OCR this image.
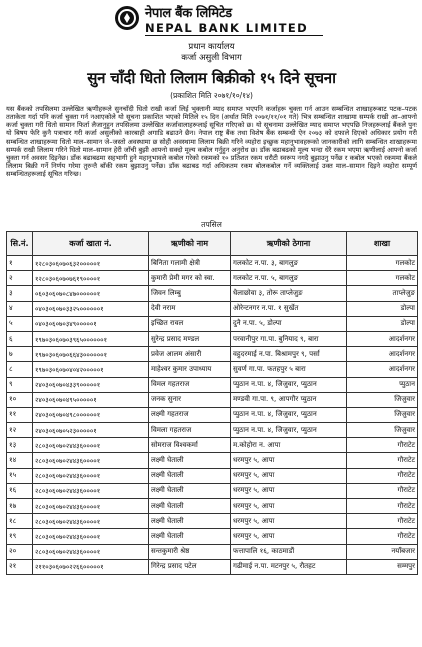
नेपाल बैंक लिमिटेड
NEPAL BANK LIMITED
प्रधान कार्यालय
कर्जा असुली विभाग
सुन चाँदी धितो लिलाम बिक्रीको १५ दिने सूचना
(प्रकाशित मिति २०७१/१०/१४)
यस बैंकको तपसिलमा उल्लेखित ऋणीहरूले सुनचाँदी धितो राखी कर्जा लिई भुक्तानी म्याद समाप्त भएपनि कर्जाहरू चुक्ता गर्न आउन सम्बन्धित शाखाहरूबाट पटक–पटक तताकेता गर्दा पनि कर्जा चुक्ता गर्न नआएकोले यो सूचना प्रकाशित भएको मितिले १५ दिन (अर्थात मिति २०७१/११/०१ गते) भित्र सम्बन्धित शाखामा सम्पर्क राखी आ–आफ्नो कर्जा चुक्ता गरी धितो सामान फिर्ता लैजानुहुन तपसिलमा उल्लेखित कर्जावालाहरूलाई सूचित गरिएको छ। यो सूचनामा उल्लेखित म्याद समाप्त भएपछि निजहरूलाई बैंकले पुनः यो बिषय फेरि कुनै पत्राचार गरी कर्जा असुलीको कारबाही अगाडि बढाउने छैन। नेपाल राष्ट्र बैंक तथा विशेष बैंक सम्बन्धी ऐन २०७३ को दफाले दिएको अधिकार प्रयोग गरी सम्बन्धित शाखाहरूमा धितो माल–सामान जे–जस्तो अवस्थामा छ सोही अवस्थामा लिलाम बिक्री गरिने व्यहोरा इच्छुक महानुभावहरूको जानकारीको लागि सम्बन्धित शाखाहरूमा सम्पर्क राखी लिलाम गरिने धितो माल–सामान हेरी जाँची बुझी आफ्नो सक्दो मूल्य कबोल गर्नुहुन अनुरोध छ। डाँक बढाबढको मूल्य भन्दा धेरै रकम भएमा ऋणीलाई आफ्नो कर्जा चुक्ता गर्न अवसर दिइनेछ। डाँक बढाबढमा सहभागी हुने महानुभावले कबोल गरेको रकमको १० प्रतिशत रकम धरौटी स्वरूप नगदै बुझाउनु पर्नेछ र कबोल भएको रकममा बैंकले लिलाम बिक्री गर्ने निर्णय गरेमा तुरुन्तै बाँकी रकम बुझाउनु पर्नेछ। डाँक बढाबढ गर्दा अधिकतम रकम बोलकबोल गर्ने व्यक्तिलाई उक्त माल–सामान दिइने व्यहोरा सम्पूर्ण सम्बन्धितहरूलाई सूचित गरिन्छ।
तपसिल
सि.नं.	कर्जा खाता नं.	ऋणीको नाम	ऋणीको ठेगाना	शाखा
१	१२८०३०६०७०६३२०००००१	बिनिता गलामी क्षेत्री	गलकोट न.पा. ३, बागलुङ	गलकोट
२	१२८०३०६०७०७६१९००००१	कुमारी प्रेमी मगर को स्वा.	गलकोट न.पा. ५, बागलुङ	गलकोट
३	०६०३०६०७०८४७००००००१	जिवन लिम्बु	धैलाछोवा ३, तोरू ताप्लेजुङ	ताप्लेजुङ
४	०४०३०६०७०३३२५००००००१	देवी नराम	ओरेन्टनगर न.पा. १ सुर्खेत	डोल्पा
५	०४०३०६०७०३४९०००००१	इच्छित रावल	दुनै न.पा. ५, डोल्पा	डोल्पा
६	१९७०३०६०७०३९६५००००००१	सुरेन्द्र प्रसाद मण्डल	परवानीपुर गा.पा. बुनियाद ९, बारा	आदर्शनगर
७	१९७०३०६०७०६६४३००००००१	प्रवेज आलम अंसारी	वहुदरमाई न.पा. बिश्रामपुर ९, पर्सा	आदर्शनगर
८	१९७०३०६०७०४०४२०००००१	माहेश्वर कुमार उपाध्याय	सुवर्ण गा.पा. फतहपुर ५ बारा	आदर्शनगर
९	२४०३०६०७०४३३९०००००१	विमल गहतराज	प्युठान न.पा. ४, जिजुवार, प्युठान	प्युठान
१०	२४०३०६०७०४९५०००००१	जनक सुनार	मण्डवी गा.पा. ९, आपगौर प्युठान	जिजुवार
११	२४०३०६०७०४९८००००००१	लक्ष्मी गहतराज	प्युठान न.पा. ४, जिजुवार, प्युठान	जिजुवार
१२	२४०३०६०७०५२३०००००१	विमला गहतराज	प्युठान न.पा. ४, जिजुवार, प्युठान	जिजुवार
१३	२८०३०६०७०२४४३६००००१	सोमराज विश्वकर्मा	म.कोहोरा न. आपा	गौराटेट
१४	२८०३०६०७०२४४३६००००१	लक्ष्मी घेताली	धरमपुर ५, आपा	गौराटेट
१५	२८०३०६०७०२४४३६००००१	लक्ष्मी घेताली	धरमपुर ५, आपा	गौराटेट
१६	२८०३०६०७०२४४३६००००१	लक्ष्मी घेताली	धरमपुर ५, आपा	गौराटेट
१७	२८०३०६०७०२४४३६००००१	लक्ष्मी घेताली	धरमपुर ५, आपा	गौराटेट
१८	२८०३०६०७०२४४३६००००१	लक्ष्मी घेताली	धरमपुर ५, आपा	गौराटेट
१९	२८०३०६०७०२४४३६००००१	लक्ष्मी घेताली	धरमपुर ५, आपा	गौराटेट
२०	२८०३०६०७०२४४३६००००१	सन्तकुमारी श्रेष्ठ	फत्तापालि १६, काठमाडौं	नयाँबजार
२१	२११०३०६०७०२२६६०००००१	गिरेन्द्र प्रसाद पटेल	गढीमाई न.पा. मटनपुर ५, रौतहट	सम्मपुर
